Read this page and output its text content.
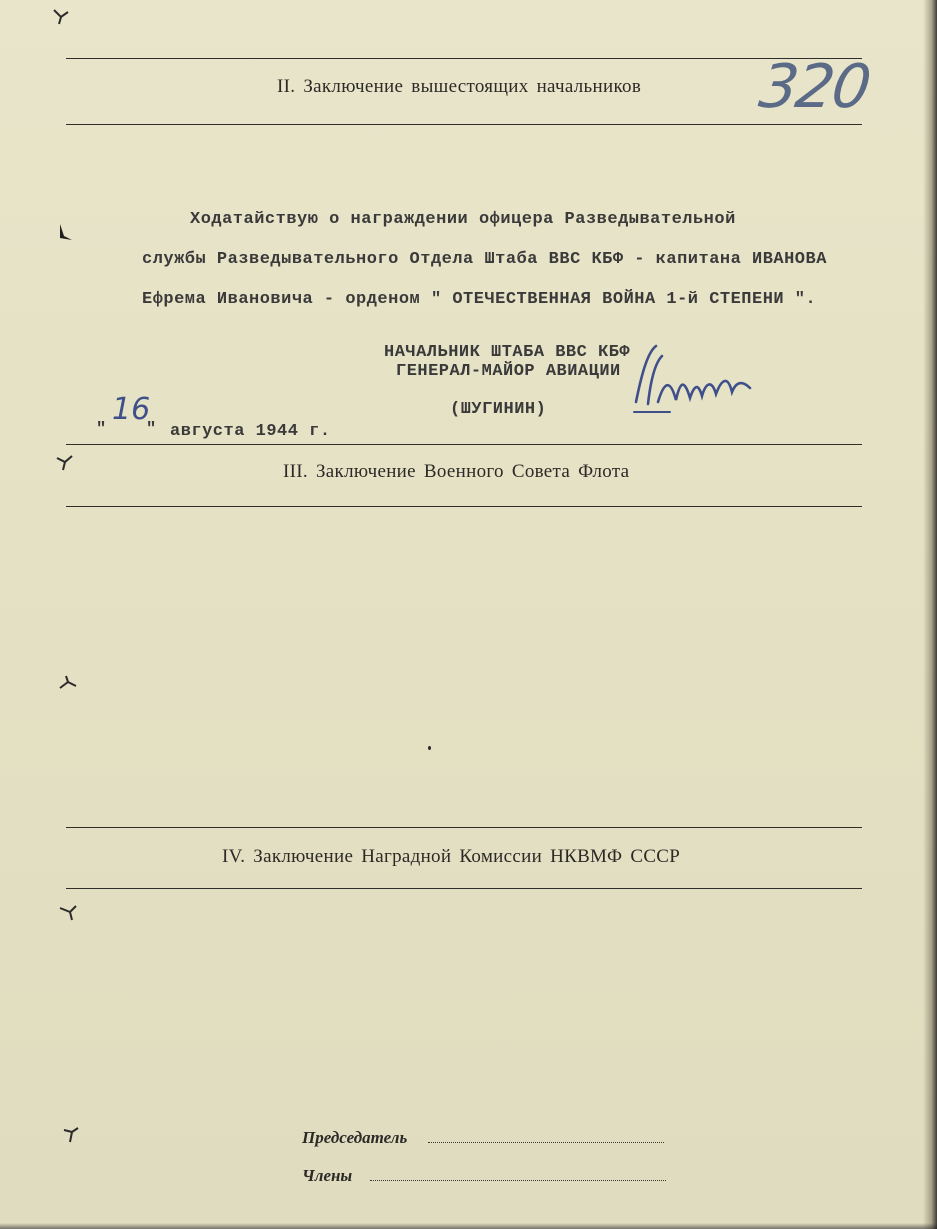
320
II. Заключение вышестоящих начальников
Ходатайствую о награждении офицера Разведывательной
службы Разведывательного Отдела Штаба ВВС КБФ - капитана ИВАНОВА
Ефрема Ивановича - орденом " ОТЕЧЕСТВЕННАЯ ВОЙНА 1-й СТЕПЕНИ ".
НАЧАЛЬНИК ШТАБА ВВС КБФ
ГЕНЕРАЛ-МАЙОР АВИАЦИИ
(ШУГИНИН)
"
16
" августа 1944 г.
III. Заключение Военного Совета Флота
IV. Заключение Наградной Комиссии НКВМФ СССР
Председатель
Члены
